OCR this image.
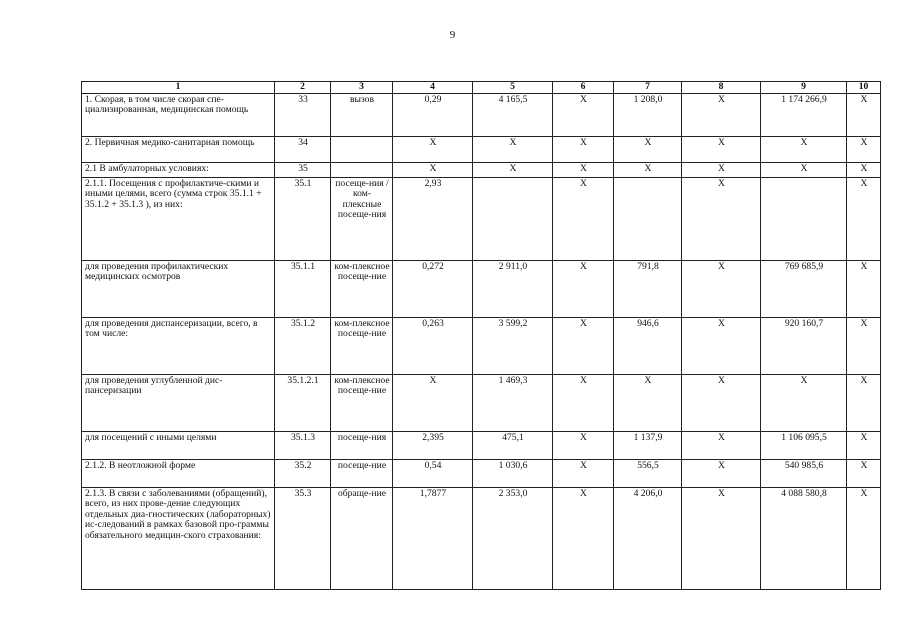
9
1	2	3	4	5	6	7	8	9	10
1. Скорая, в том числе скорая спе-циализированная, медицинская помощь	33	вызов	0,29	4 165,5	X	1 208,0	X	1 174 266,9	X
2. Первичная медико-санитарная помощь	34		X	X	X	X	X	X	X
2.1 В амбулаторных условиях:	35		X	X	X	X	X	X	X
2.1.1. Посещения с профилактиче-скими и иными целями, всего (сумма строк 35.1.1 + 35.1.2 + 35.1.3 ), из них:	35.1	посеще-ния / ком-плексные посеще-ния	2,93		X		X		X
для проведения профилактических медицинских осмотров	35.1.1	ком-плексное посеще-ние	0,272	2 911,0	X	791,8	X	769 685,9	X
для проведения диспансеризации, всего, в том числе:	35.1.2	ком-плексное посеще-ние	0,263	3 599,2	X	946,6	X	920 160,7	X
для проведения углубленной дис-пансеризации	35.1.2.1	ком-плексное посеще-ние	X	1 469,3	X	X	X	X	X
для посещений с иными целями	35.1.3	посеще-ния	2,395	475,1	X	1 137,9	X	1 106 095,5	X
2.1.2. В неотложной форме	35.2	посеще-ние	0,54	1 030,6	X	556,5	X	540 985,6	X
2.1.3. В связи с заболеваниями (обращений), всего, из них прове-дение следующих отдельных диа-гностических (лабораторных) ис-следований в рамках базовой про-граммы обязательного медицин-ского страхования:	35.3	обраще-ние	1,7877	2 353,0	X	4 206,0	X	4 088 580,8	X
